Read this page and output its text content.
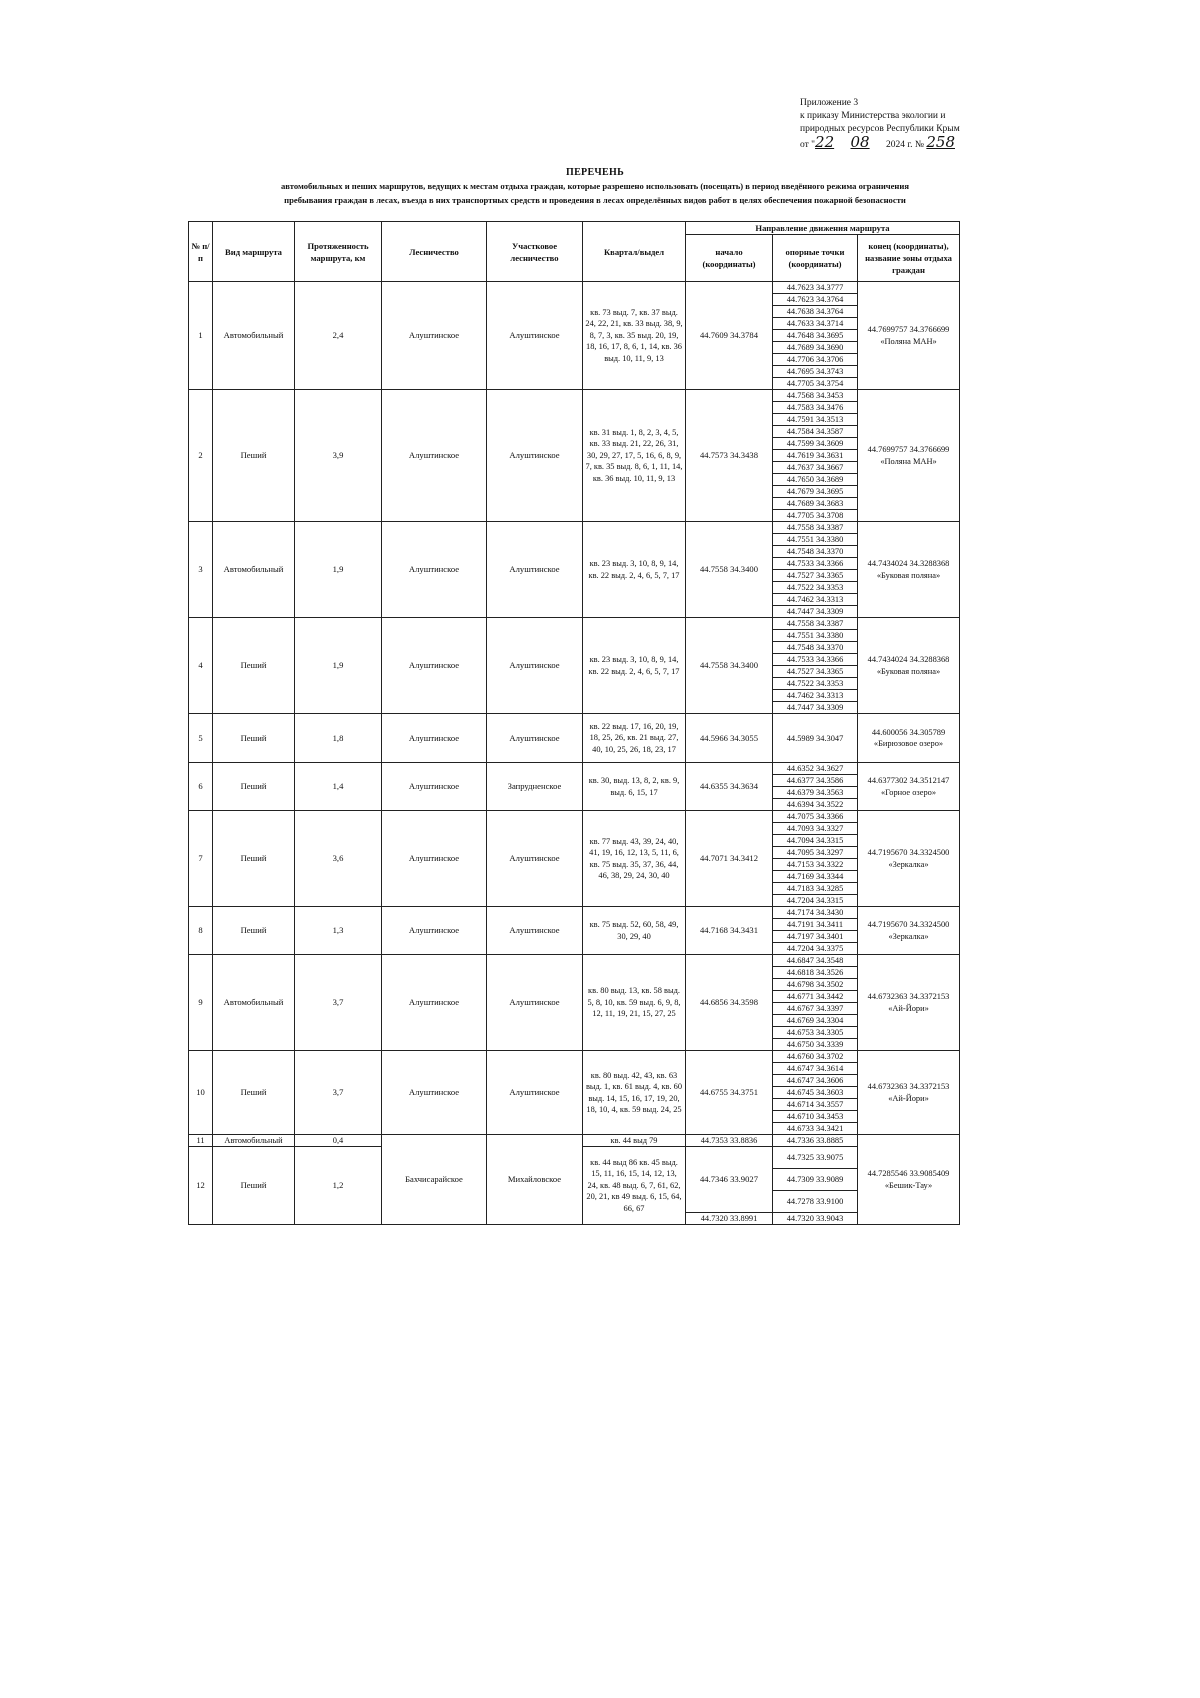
Приложение 3
к приказу Министерства экологии и
природных ресурсов Республики Крым
от "22 08 2024 г. № 258
ПЕРЕЧЕНЬ
автомобильных и пеших маршрутов, ведущих к местам отдыха граждан, которые разрешено использовать (посещать) в период введённого режима ограничения
пребывания граждан в лесах, въезда в них транспортных средств и проведения в лесах определённых видов работ в целях обеспечения пожарной безопасности
№ п/п	Вид маршрута	Протяженность маршрута, км	Лесничество	Участковое лесничество	Квартал/выдел	Направление движения маршрута		
						начало (координаты)	опорные точки (координаты)	конец (координаты), название зоны отдыха граждан
1	Автомобильный	2,4	Алуштинское	Алуштинское	кв. 73 выд. 7, кв. 37 выд. 24, 22, 21, кв. 33 выд. 38, 9, 8, 7, 3, кв. 35 выд. 20, 19, 18, 16, 17, 8, 6, 1, 14, кв. 36 выд. 10, 11, 9, 13	44.7609 34.3784	44.7623 34.3777	44.7699757 34.3766699 «Поляна МАН»
							44.7623 34.3764	
							44.7638 34.3764	
							44.7633 34.3714	
							44.7648 34.3695	
							44.7689 34.3690	
							44.7706 34.3706	
							44.7695 34.3743	
							44.7705 34.3754	
2	Пеший	3,9	Алуштинское	Алуштинское	кв. 31 выд. 1, 8, 2, 3, 4, 5, кв. 33 выд. 21, 22, 26, 31, 30, 29, 27, 17, 5, 16, 6, 8, 9, 7, кв. 35 выд. 8, 6, 1, 11, 14, кв. 36 выд. 10, 11, 9, 13	44.7573 34.3438	44.7568 34.3453	44.7699757 34.3766699 «Поляна МАН»
							44.7583 34.3476	
							44.7591 34.3513	
							44.7584 34.3587	
							44.7599 34.3609	
							44.7619 34.3631	
							44.7637 34.3667	
							44.7650 34.3689	
							44.7679 34.3695	
							44.7689 34.3683	
							44.7705 34.3708	
3	Автомобильный	1,9	Алуштинское	Алуштинское	кв. 23 выд. 3, 10, 8, 9, 14, кв. 22 выд. 2, 4, 6, 5, 7, 17	44.7558 34.3400	44.7558 34.3387	44.7434024 34.3288368 «Буковая поляна»
							44.7551 34.3380	
							44.7548 34.3370	
							44.7533 34.3366	
							44.7527 34.3365	
							44.7522 34.3353	
							44.7462 34.3313	
							44.7447 34.3309	
4	Пеший	1,9	Алуштинское	Алуштинское	кв. 23 выд. 3, 10, 8, 9, 14, кв. 22 выд. 2, 4, 6, 5, 7, 17	44.7558 34.3400	44.7558 34.3387	44.7434024 34.3288368 «Буковая поляна»
							44.7551 34.3380	
							44.7548 34.3370	
							44.7533 34.3366	
							44.7527 34.3365	
							44.7522 34.3353	
							44.7462 34.3313	
							44.7447 34.3309	
5	Пеший	1,8	Алуштинское	Алуштинское	кв. 22 выд. 17, 16, 20, 19, 18, 25, 26, кв. 21 выд. 27, 40, 10, 25, 26, 18, 23, 17	44.5966 34.3055	44.5989 34.3047	44.600056 34.305789 «Бирюзовое озеро»
6	Пеший	1,4	Алуштинское	Запрудненское	кв. 30, выд. 13, 8, 2, кв. 9, выд. 6, 15, 17	44.6355 34.3634	44.6352 34.3627	44.6377302 34.3512147 «Горное озеро»
							44.6377 34.3586	
							44.6379 34.3563	
							44.6394 34.3522	
7	Пеший	3,6	Алуштинское	Алуштинское	кв. 77 выд. 43, 39, 24, 40, 41, 19, 16, 12, 13, 5, 11, 6, кв. 75 выд. 35, 37, 36, 44, 46, 38, 29, 24, 30, 40	44.7071 34.3412	44.7075 34.3366	44.7195670 34.3324500 «Зеркалка»
							44.7093 34.3327	
							44.7094 34.3315	
							44.7095 34.3297	
							44.7153 34.3322	
							44.7169 34.3344	
							44.7183 34.3285	
							44.7204 34.3315	
8	Пеший	1,3	Алуштинское	Алуштинское	кв. 75 выд. 52, 60, 58, 49, 30, 29, 40	44.7168 34.3431	44.7174 34.3430	44.7195670 34.3324500 «Зеркалка»
							44.7191 34.3411	
							44.7197 34.3401	
							44.7204 34.3375	
9	Автомобильный	3,7	Алуштинское	Алуштинское	кв. 80 выд. 13, кв. 58 выд. 5, 8, 10, кв. 59 выд. 6, 9, 8, 12, 11, 19, 21, 15, 27, 25	44.6856 34.3598	44.6847 34.3548	44.6732363 34.3372153 «Ай-Йори»
							44.6818 34.3526	
							44.6798 34.3502	
							44.6771 34.3442	
							44.6767 34.3397	
							44.6769 34.3304	
							44.6753 34.3305	
							44.6750 34.3339	
10	Пеший	3,7	Алуштинское	Алуштинское	кв. 80 выд. 42, 43, кв. 63 выд. 1, кв. 61 выд. 4, кв. 60 выд. 14, 15, 16, 17, 19, 20, 18, 10, 4, кв. 59 выд. 24, 25	44.6755 34.3751	44.6760 34.3702	44.6732363 34.3372153 «Ай-Йори»
							44.6747 34.3614	
							44.6747 34.3606	
							44.6745 34.3603	
							44.6714 34.3557	
							44.6710 34.3453	
							44.6733 34.3421	
11	Автомобильный	0,4	Бахчисарайское	Михайловское	кв. 44 выд 79	44.7353 33.8836	44.7336 33.8885	44.7285546 33.9085409 «Бешик-Тау»
12	Пеший	1,2			кв. 44 выд 86 кв. 45 выд. 15, 11, 16, 15, 14, 12, 13, 24, кв. 48 выд. 6, 7, 61, 62, 20, 21, кв 49 выд. 6, 15, 64, 66, 67	44.7346 33.9027	44.7325 33.9075	
							44.7309 33.9089	
							44.7278 33.9100	
						44.7320 33.8991	44.7320 33.9043	
